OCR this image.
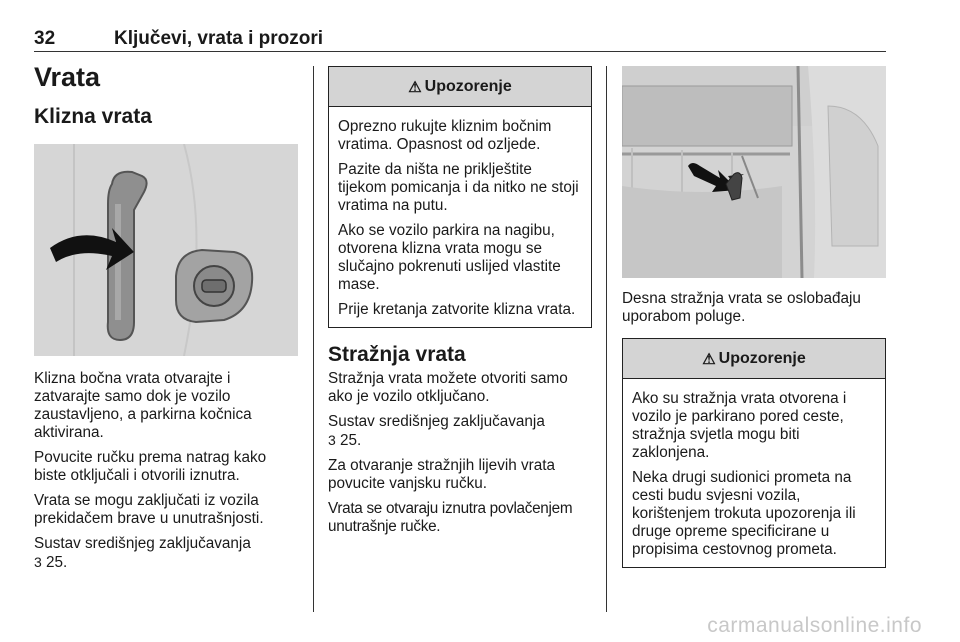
32	Ključevi, vrata i prozori
Vrata
Klizna vrata

Klizna bočna vrata otvarajte i zatvarajte samo dok je vozilo zaustavljeno, a parkirna kočnica aktivirana.

Povucite ručku prema natrag kako biste otključali i otvorili iznutra.

Vrata se mogu zaključati iz vozila prekidačem brave u unutrašnjosti.

Sustav središnjeg zaključavanja
3 25.

⚠ Upozorenje

Oprezno rukujte kliznim bočnim vratima. Opasnost od ozljede.

Pazite da ništa ne priklještite tijekom pomicanja i da nitko ne stoji vratima na putu.

Ako se vozilo parkira na nagibu, otvorena klizna vrata mogu se slučajno pokrenuti uslijed vlastite mase.

Prije kretanja zatvorite klizna vrata.

Stražnja vrata

Stražnja vrata možete otvoriti samo ako je vozilo otključano.

Sustav središnjeg zaključavanja
3 25.

Za otvaranje stražnjih lijevih vrata povucite vanjsku ručku.

Vrata se otvaraju iznutra povlačenjem unutrašnje ručke.

Desna stražnja vrata se oslobađaju uporabom poluge.

⚠ Upozorenje

Ako su stražnja vrata otvorena i vozilo je parkirano pored ceste, stražnja svjetla mogu biti zaklonjena.

Neka drugi sudionici prometa na cesti budu svjesni vozila, korištenjem trokuta upozorenja ili druge opreme specificirane u propisima cestovnog prometa.

carmanualsonline.info
